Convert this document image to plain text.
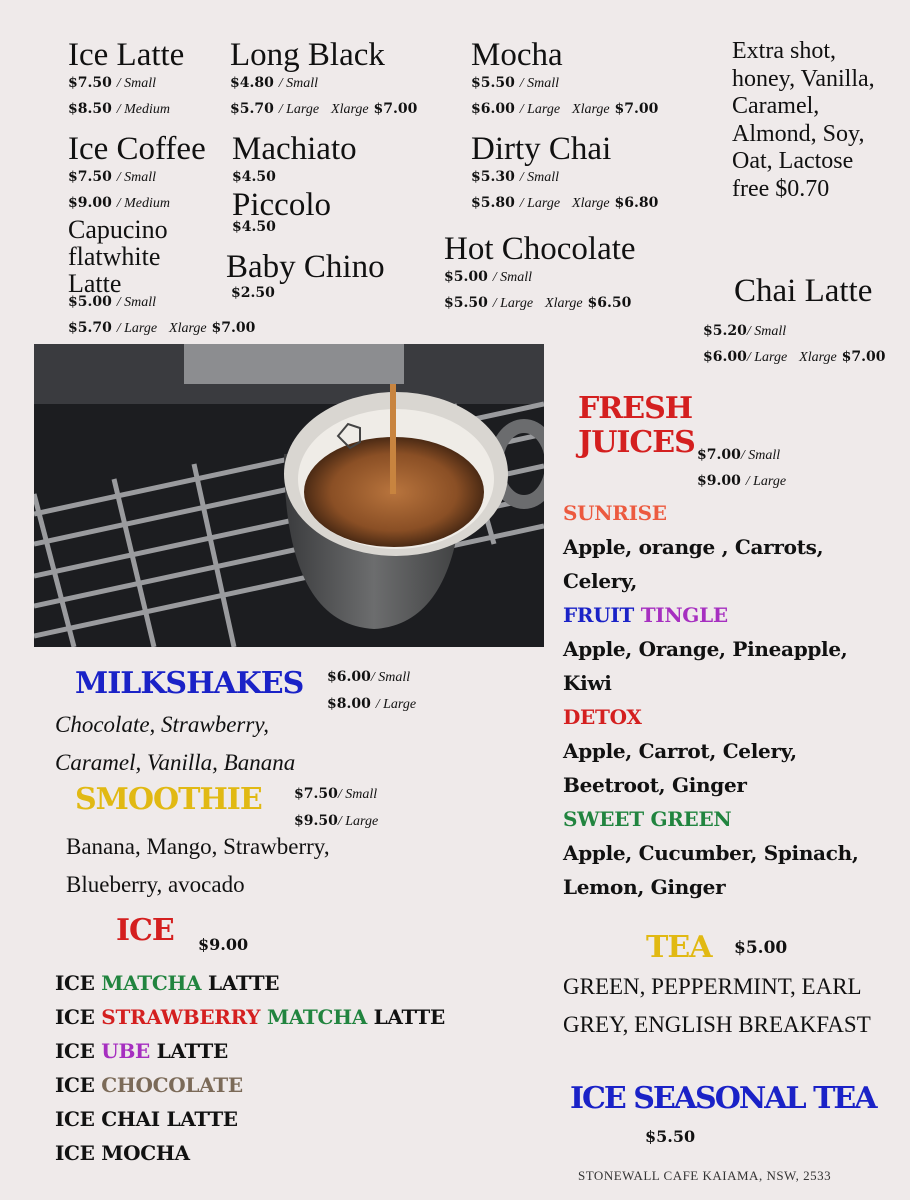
Ice Latte
$7.50 / Small
$8.50 / Medium
Long Black
$4.80 / Small
$5.70 / Large Xlarge $7.00
Mocha
$5.50 / Small
$6.00 / Large Xlarge $7.00
Extra shot, honey, Vanilla, Caramel, Almond, Soy, Oat, Lactose free $0.70
Ice Coffee
$7.50 / Small
$9.00 / Medium
Machiato
$4.50
Piccolo
$4.50
Dirty Chai
$5.30 / Small
$5.80 / Large Xlarge $6.80
Capucino
flatwhite
Latte
$5.00 / Small
$5.70 / Large Xlarge $7.00
Baby Chino
$2.50
Hot Chocolate
$5.00 / Small
$5.50 / Large Xlarge $6.50	Chai Latte
$5.20/ Small
$6.00/ Large Xlarge $7.00
FRESH
JUICES $7.00/ Small
$9.00 / Large
SUNRISE
Apple, orange , Carrots,
Celery,
FRUIT TINGLE
Apple, Orange, Pineapple,
Kiwi
DETOX
Apple, Carrot, Celery,
Beetroot, Ginger
SWEET GREEN
Apple, Cucumber, Spinach,
Lemon, Ginger
MILKSHAKES $6.00/ Small
$8.00 / Large
Chocolate, Strawberry,
Caramel, Vanilla, Banana
SMOOTHIE $7.50/ Small
$9.50/ Large
Banana, Mango, Strawberry,
Blueberry, avocado
ICE $9.00
ICE MATCHA LATTE
ICE STRAWBERRY MATCHA LATTE
ICE UBE LATTE
ICE CHOCOLATE
ICE CHAI LATTE
ICE MOCHA
TEA $5.00
GREEN, PEPPERMINT, EARL
GREY, ENGLISH BREAKFAST
ICE SEASONAL TEA
$5.50
STONEWALL CAFE KAIAMA, NSW, 2533
